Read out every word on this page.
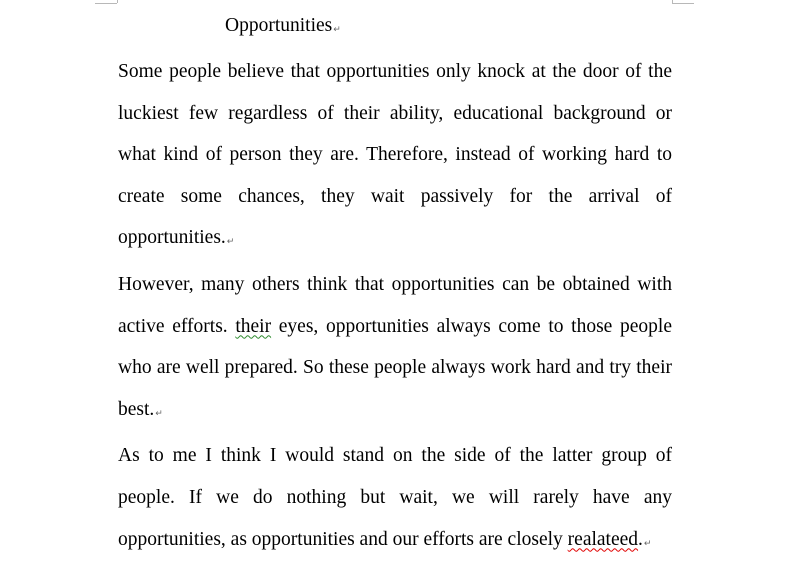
Opportunities↵

Some people believe that opportunities only knock at the door of the luckiest few regardless of their ability, educational background or what kind of person they are. Therefore, instead of working hard to create some chances, they wait passively for the arrival of opportunities.↵

However, many others think that opportunities can be obtained with active efforts. their eyes, opportunities always come to those people who are well prepared. So these people always work hard and try their best.↵

As to me I think I would stand on the side of the latter group of people. If we do nothing but wait, we will rarely have any opportunities, as opportunities and our efforts are closely realateed.↵
